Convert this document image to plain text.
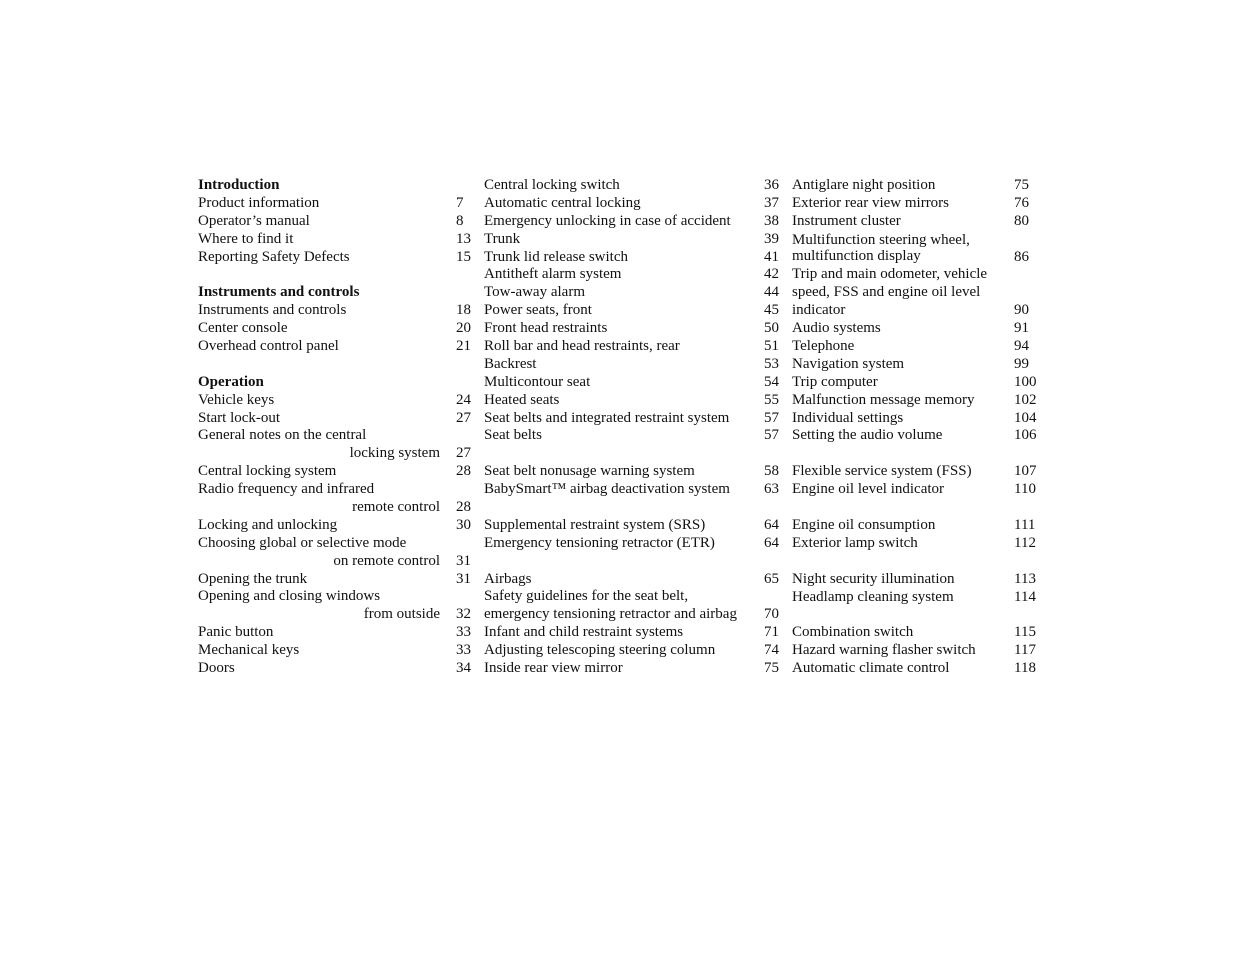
Introduction
Product information	7
Operator’s manual	8
Where to find it	13
Reporting Safety Defects	15
Instruments and controls
Instruments and controls	18
Center console	20
Overhead control panel	21
Operation
Vehicle keys	24
Start lock-out	27
General notes on the central
locking system 27
Central locking system	28
Radio frequency and infrared
remote control 28
Locking and unlocking	30
Choosing global or selective mode
on remote control 31
Opening the trunk	31
Opening and closing windows
from outside 32
Panic button	33
Mechanical keys	33
Doors	34
Central locking switch	36
Automatic central locking	37
Emergency unlocking in case of accident 38
Trunk	39
Trunk lid release switch	41
Antitheft alarm system	42
Tow-away alarm	44
Power seats, front	45
Front head restraints	50
Roll bar and head restraints, rear	51
Backrest	53
Multicontour seat	54
Heated seats	55
Seat belts and integrated restraint system 57
Seat belts	57
Seat belt nonusage warning system	58
BabySmart™ airbag deactivation system 63
Supplemental restraint system (SRS)	64
Emergency tensioning retractor (ETR)	64
Airbags	65
Safety guidelines for the seat belt,
emergency tensioning retractor and airbag 70
Infant and child restraint systems	71
Adjusting telescoping steering column	74
Inside rear view mirror	75
Antiglare night position	75
Exterior rear view mirrors	76
Instrument cluster	80
Multifunction steering wheel,
multifunction display	86
Trip and main odometer, vehicle
speed, FSS and engine oil level
indicator	90
Audio systems	91
Telephone	94
Navigation system	99
Trip computer	100
Malfunction message memory	102
Individual settings	104
Setting the audio volume	106
Flexible service system (FSS)	107
Engine oil level indicator	110
Engine oil consumption	111
Exterior lamp switch	112
Night security illumination	113
Headlamp cleaning system	114
Combination switch	115
Hazard warning flasher switch	117
Automatic climate control	118
